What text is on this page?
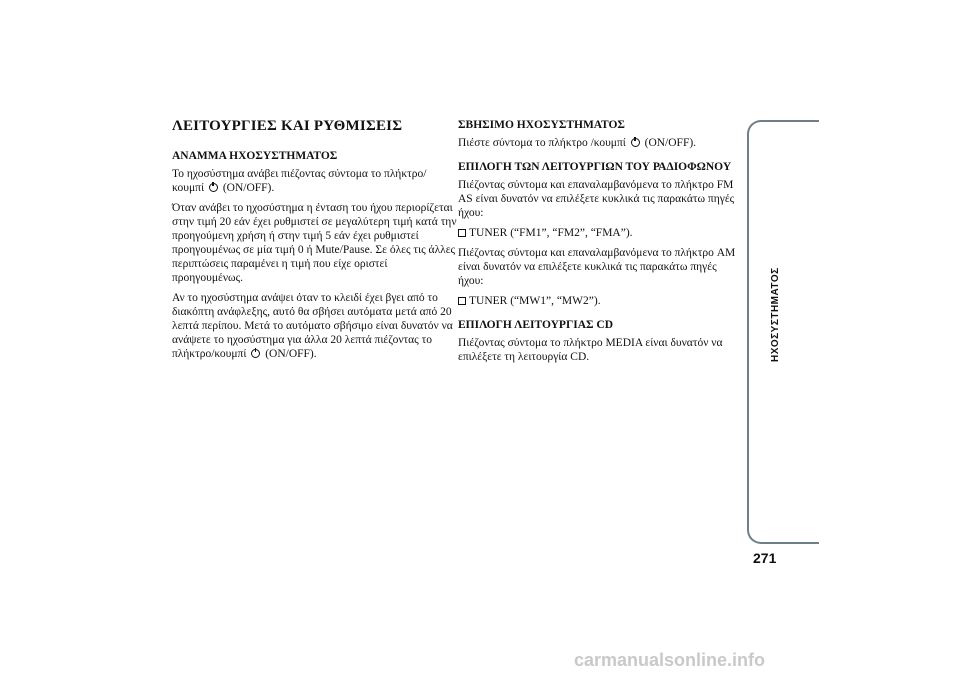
ΛΕΙΤΟΥΡΓΙΕΣ ΚΑΙ ΡΥΘΜΙΣΕΙΣ
ΑΝΑΜΜΑ ΗΧΟΣΥΣΤΗΜΑΤΟΣ

Το ηχοσύστημα ανάβει πιέζοντας σύντομα το πλήκτρο/κουμπί (ON/OFF).

Όταν ανάβει το ηχοσύστημα η ένταση του ήχου περιορίζεται στην τιμή 20 εάν έχει ρυθμιστεί σε μεγαλύτερη τιμή κατά την προηγούμενη χρήση ή στην τιμή 5 εάν έχει ρυθμιστεί προηγουμένως σε μία τιμή 0 ή Mute/Pause. Σε όλες τις άλλες περιπτώσεις παραμένει η τιμή που είχε οριστεί προηγουμένως.

Αν το ηχοσύστημα ανάψει όταν το κλειδί έχει βγει από το διακόπτη ανάφλεξης, αυτό θα σβήσει αυτόματα μετά από 20 λεπτά περίπου. Μετά το αυτόματο σβήσιμο είναι δυνατόν να ανάψετε το ηχοσύστημα για άλλα 20 λεπτά πιέζοντας το πλήκτρο/κουμπί (ON/OFF).

ΣΒΗΣΙΜΟ ΗΧΟΣΥΣΤΗΜΑΤΟΣ

Πιέστε σύντομα το πλήκτρο /κουμπί (ON/OFF).

ΕΠΙΛΟΓΗ ΤΩΝ ΛΕΙΤΟΥΡΓΙΩΝ ΤΟΥ ΡΑΔΙΟΦΩΝΟΥ

Πιέζοντας σύντομα και επαναλαμβανόμενα το πλήκτρο FM AS είναι δυνατόν να επιλέξετε κυκλικά τις παρακάτω πηγές ήχου:

TUNER (“FM1”, “FM2”, “FMA”).

Πιέζοντας σύντομα και επαναλαμβανόμενα το πλήκτρο AM είναι δυνατόν να επιλέξετε κυκλικά τις παρακάτω πηγές ήχου:

TUNER (“MW1”, “MW2”).

ΕΠΙΛΟΓΗ ΛΕΙΤΟΥΡΓΙΑΣ CD

Πιέζοντας σύντομα το πλήκτρο MEDIA είναι δυνατόν να επιλέξετε τη λειτουργία CD.	ΗΧΟΣΥΣΤΗΜΑΤΟΣ
271
carmanualsonline.info
